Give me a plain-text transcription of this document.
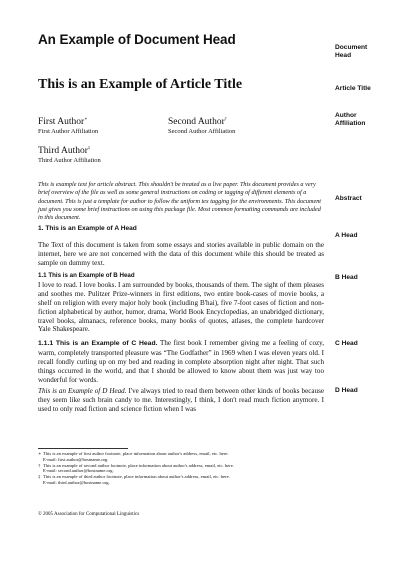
An Example of Document Head
This is an Example of Article Title
First Author∗
First Author Affiliation
Second Author†
Second Author Affiliation
Third Author‡
Third Author Affiliation

This is example text for article abstract. This shouldn't be treated as a live paper. This document provides a very brief overview of the file as well as some general instructions on coding or tagging of different elements of a document. This is just a template for author to follow the uniform tex tagging for the environments. This document just gives you some brief instructions on using this package file. Most common formatting commands are included in this document.

1. This is an Example of A Head

The Text of this document is taken from some essays and stories available in public domain on the internet, here we are not concerned with the data of this document while this should be treated as sample on dummy text.

1.1 This is an Example of B Head
I love to read. I love books. I am surrounded by books, thousands of them. The sight of them pleases and soothes me. Pulitzer Prize-winners in first editions, two entire book-cases of movie books, a shelf on religion with every major holy book (including B'hai), five 7-foot cases of fiction and non-fiction alphabetical by author, humor, drama, World Book Encyclopedias, an unabridged dictionary, travel books, almanacs, reference books, many books of quotes, atlases, the complete hardcover Yale Shakespeare.

1.1.1 This is an Example of C Head. The first book I remember giving me a feeling of cozy, warm, completely transported pleasure was “The Godfather” in 1969 when I was eleven years old. I recall fondly curling up on my bed and reading in complete absorption night after night. That such things occurred in the world, and that I should be allowed to know about them was just way too wonderful for words.

This is an Example of D Head. I've always tried to read them between other kinds of books because they seem like such brain candy to me. Interestingly, I think, I don't read much fiction anymore. I used to only read fiction and science fiction when I was

∗ This is an example of first author footnote, place information about author's address, email, etc. here.
E-mail: first.author@hostname.org.
† This is an example of second author footnote, place information about author's address, email, etc. here.
E-mail: second.author@hostname.org.
‡ This is an example of third author footnote, place information about author's address, email, etc. here.
E-mail: third.author@hostname.org.
© 2005 Association for Computational Linguistics
Document
Head
Article Title
Author
Affiliation
Abstract
A Head
B Head
C Head
D Head
